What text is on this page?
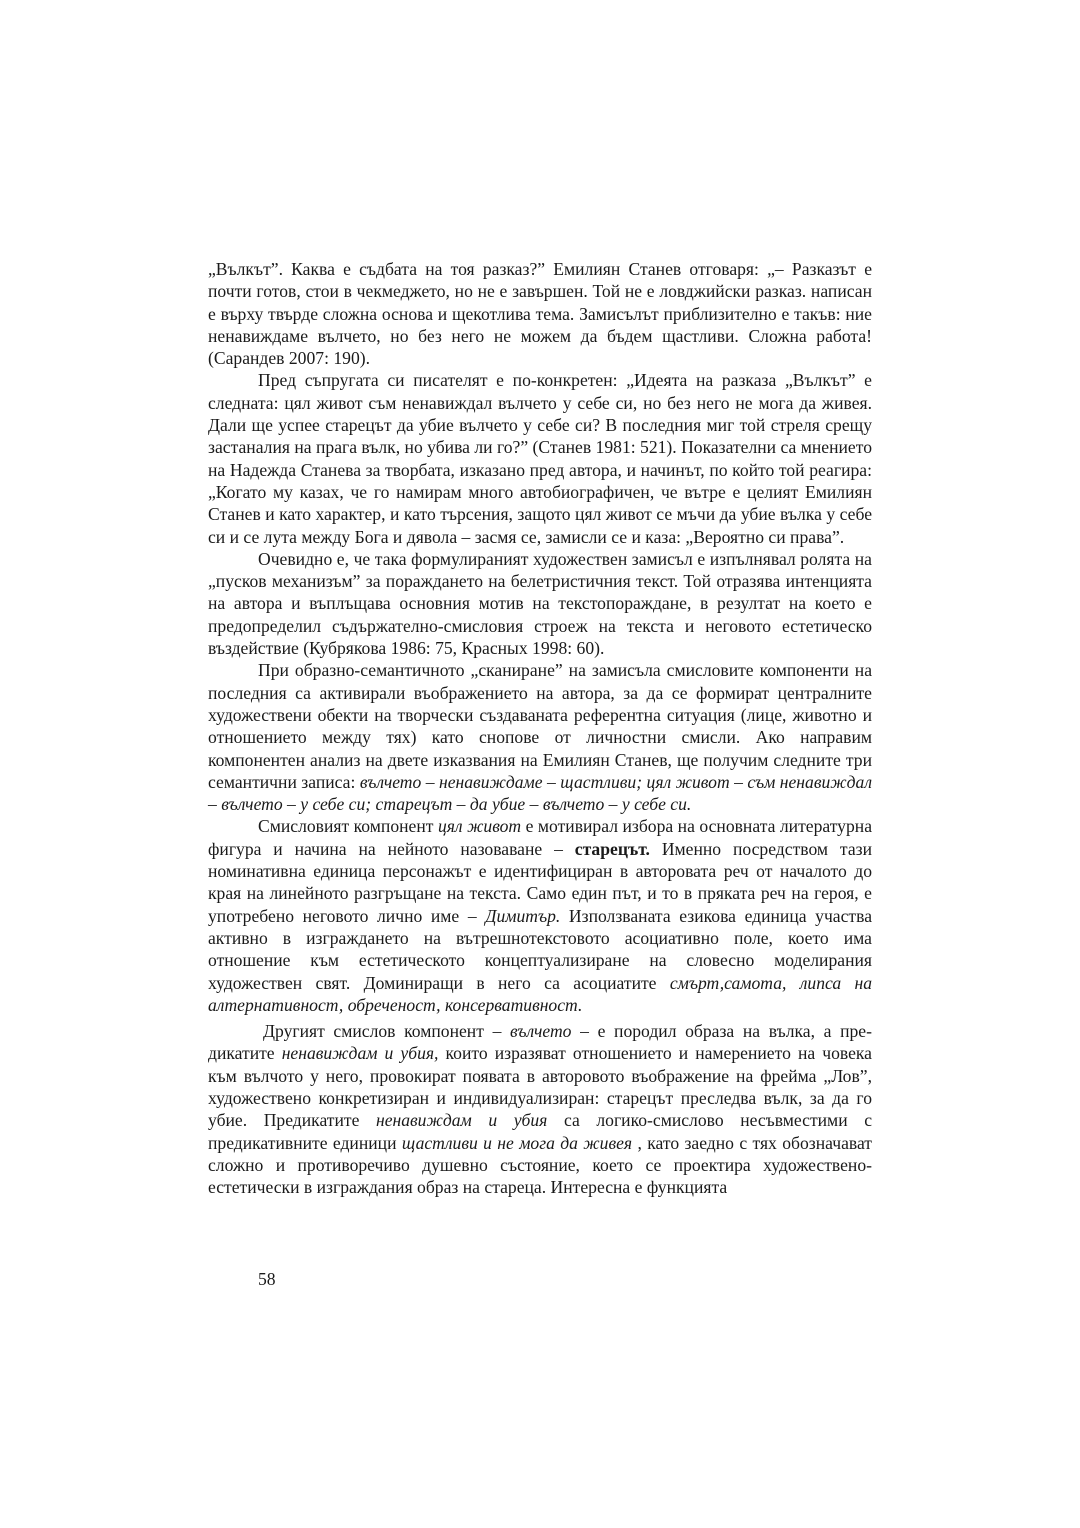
„Вълкът”. Каква е съдбата на тоя разказ?” Емилиян Станев отговаря: „– Разказът е почти готов, стои в чекмеджето, но не е завършен. Той не е ловджийски разказ. написан е върху твърде сложна основа и щекотлива тема. Замисълът приблизително е такъв: ние ненавиждаме вълчето, но без него не можем да бъдем щастливи. Сложна работа! (Сарандев 2007: 190).

Пред съпругата си писателят е по-конкретен: „Идеята на разказа „Вълкът” е следната: цял живот съм ненавиждал вълчето у себе си, но без него не мога да живея. Дали ще успее старецът да убие вълчето у себе си? В последния миг той стреля срещу застаналия на прага вълк, но убива ли го?” (Станев 1981: 521). Показателни са мнението на Надежда Станева за творбата, изказано пред автора, и начинът, по който той реагира: „Когато му казах, че го намирам много автобиографичен, че вътре е целият Емилиян Станев и като характер, и като търсения, защото цял живот се мъчи да убие вълка у себе си и се лута между Бога и дявола – засмя се, замисли се и каза: „Вероятно си права”.

Очевидно е, че така формулираният художествен замисъл е изпълнявал ролята на „пусков механизъм” за пораждането на белетристичния текст. Той отразява интенцията на автора и въплъщава основния мотив на текстопораждане, в резултат на което е предопределил съдържателно-смисловия строеж на текста и неговото естетическо въздействие (Кубрякова 1986: 75, Красных 1998: 60).

При образно-семантичното „сканиране” на замисъла смисловите компоненти на последния са активирали въображението на автора, за да се формират централните художествени обекти на творчески създаваната референтна ситуация (лице, животно и отношението между тях) като снопове от личностни смисли. Ако направим компонентен анализ на двете изказвания на Емилиян Станев, ще получим следните три семантични записа: вълчето – ненавиждаме – щастливи; цял живот – съм ненавиждал – вълчето – у себе си; старецът – да убие – вълчето – у себе си.

Смисловият компонент цял живот е мотивирал избора на основната литературна фигура и начина на нейното назоваване – старецът. Именно посредством тази номинативна единица персонажът е идентифициран в авторовата реч от началото до края на линейното разгръщане на текста. Само един път, и то в пряката реч на героя, е употребено неговото лично име – Димитър. Използваната езикова единица участва активно в изграждането на вътрешнотекстовото асоциативно поле, което има отношение към естетическото концептуализиране на словесно моделирания художествен свят. Доминиращи в него са асоциатите смърт,самота, липса на алтернативност, обреченост, консервативност.

Другият смислов компонент – вълчето – е породил образа на вълка, а предикатите ненавиждам и убия, които изразяват отношението и намерението на човека към вълчото у него, провокират появата в авторовото въображение на фрейма „Лов”, художествено конкретизиран и индивидуализиран: старецът преследва вълк, за да го убие. Предикатите ненавиждам и убия са логико-смислово несъвместими с предикативните единици щастливи и не мога да живея , като заедно с тях обозначават сложно и противоречиво душевно състояние, което се проектира художествено-естетически в изграждания образ на стареца. Интересна е функцията

58
